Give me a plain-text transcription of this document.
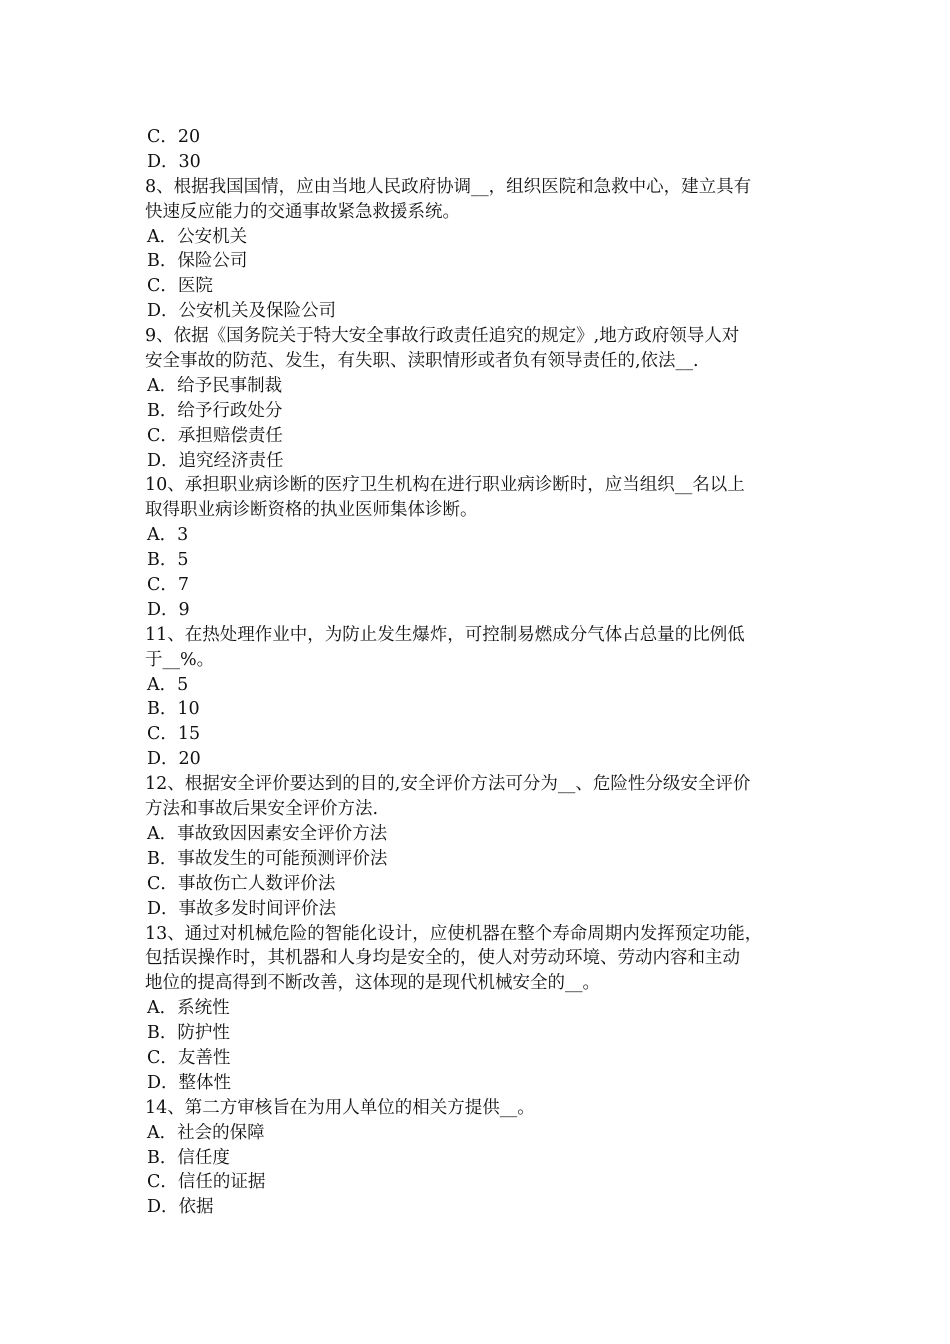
C．20
D．30
8、根据我国国情，应由当地人民政府协调__，组织医院和急救中心，建立具有
快速反应能力的交通事故紧急救援系统。
A．公安机关
B．保险公司
C．医院
D．公安机关及保险公司
9、依据《国务院关于特大安全事故行政责任追究的规定》,地方政府领导人对
安全事故的防范、发生，有失职、渎职情形或者负有领导责任的,依法__.
A．给予民事制裁
B．给予行政处分
C．承担赔偿责任
D．追究经济责任
10、承担职业病诊断的医疗卫生机构在进行职业病诊断时，应当组织__名以上
取得职业病诊断资格的执业医师集体诊断。
A．3
B．5
C．7
D．9
11、在热处理作业中，为防止发生爆炸，可控制易燃成分气体占总量的比例低
于__%。
A．5
B．10
C．15
D．20
12、根据安全评价要达到的目的,安全评价方法可分为__、危险性分级安全评价
方法和事故后果安全评价方法.
A．事故致因因素安全评价方法
B．事故发生的可能预测评价法
C．事故伤亡人数评价法
D．事故多发时间评价法
13、通过对机械危险的智能化设计，应使机器在整个寿命周期内发挥预定功能，
包括误操作时，其机器和人身均是安全的，使人对劳动环境、劳动内容和主动
地位的提高得到不断改善，这体现的是现代机械安全的__。
A．系统性
B．防护性
C．友善性
D．整体性
14、第二方审核旨在为用人单位的相关方提供__。
A．社会的保障
B．信任度
C．信任的证据
D．依据
